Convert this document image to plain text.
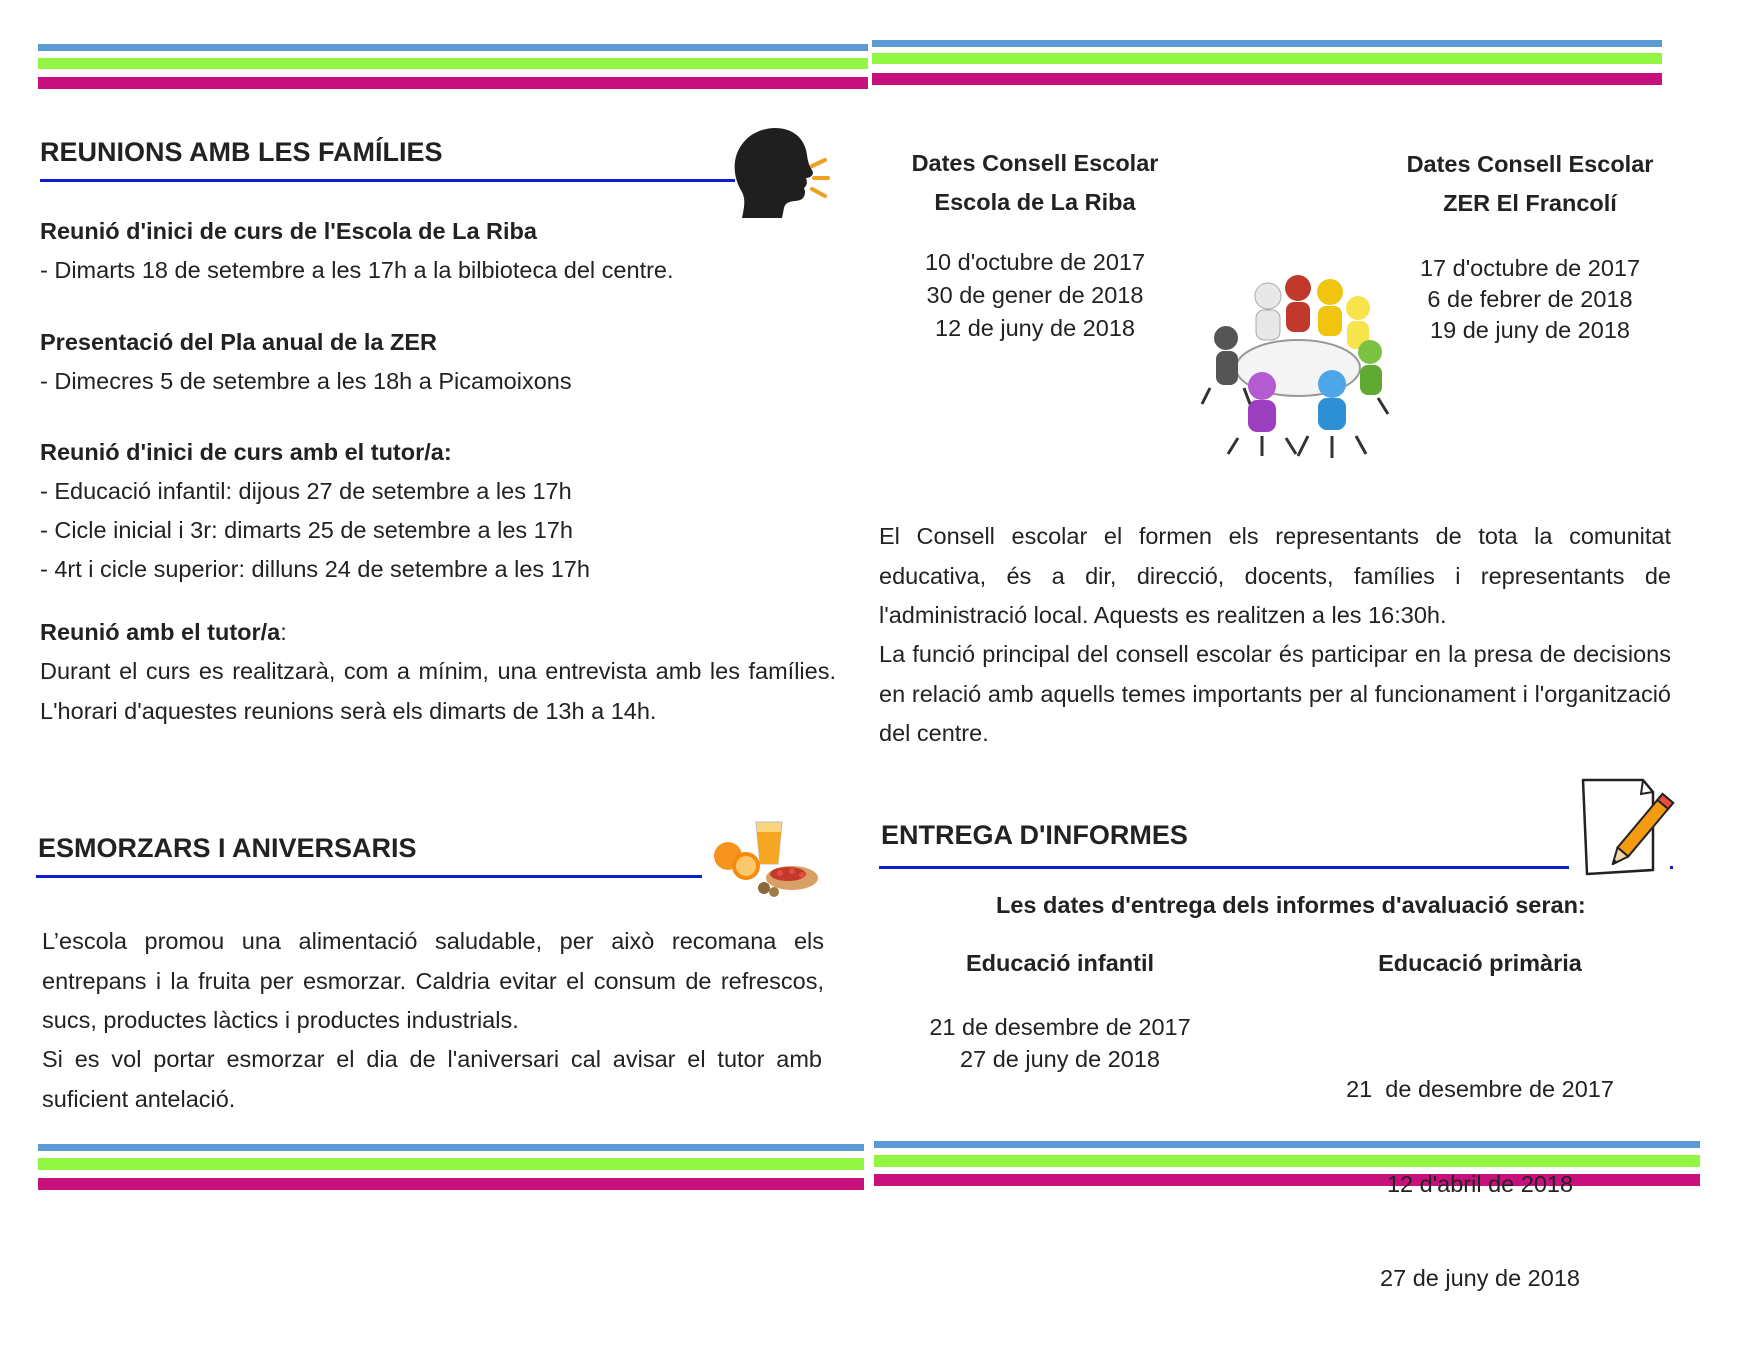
REUNIONS AMB LES FAMÍLIES
Reunió d'inici de curs de l'Escola de La Riba
- Dimarts 18 de setembre a les 17h a la bilbioteca del centre.
Presentació del Pla anual de la ZER
- Dimecres 5 de setembre a les 18h a Picamoixons
Reunió d'inici de curs amb el tutor/a:
- Educació infantil: dijous 27 de setembre a les 17h
- Cicle inicial i 3r: dimarts 25 de setembre a les 17h
- 4rt i cicle superior: dilluns 24 de setembre a les 17h
Reunió amb el tutor/a:
Durant el curs es realitzarà, com a mínim, una entrevista amb les famílies. L'horari d'aquestes reunions serà els dimarts de 13h a 14h.
ESMORZARS I ANIVERSARIS
L’escola promou una alimentació saludable, per això recomana els entrepans i la fruita per esmorzar. Caldria evitar el consum de refrescos, sucs, productes làctics i productes industrials.
Si es vol portar esmorzar el dia de l'aniversari cal avisar el tutor amb suficient antelació.
Dates Consell Escolar
Escola de La Riba
10 d'octubre de 2017
30 de gener de 2018
12 de juny de 2018
Dates Consell Escolar
ZER El Francolí
17 d'octubre de 2017
6 de febrer de 2018
19 de juny de 2018
El Consell escolar el formen els representants de tota la comunitat educativa, és a dir, direcció, docents, famílies i representants de l'administració local. Aquests es realitzen a les 16:30h.
La funció principal del consell escolar és participar en la presa de decisions en relació amb aquells temes importants per al funcionament i l'organització del centre.
ENTREGA D'INFORMES
Les dates d'entrega dels informes d'avaluació seran:
Educació infantil
21 de desembre de 2017
27 de juny de 2018
Educació primària

21  de desembre de 2017

12 d'abril de 2018

27 de juny de 2018
